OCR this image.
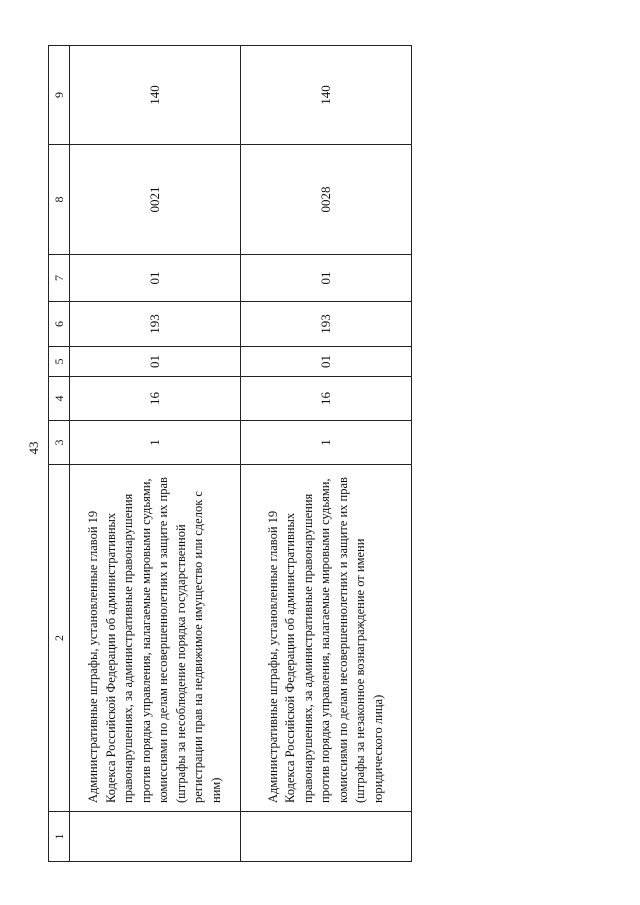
43
1	2	3	4	5	6	7	8	9
	Административные штрафы, установленные главой 19 Кодекса Российской Федерации об административных правонарушениях, за административные правонарушения против порядка управления, налагаемые мировыми судьями, комиссиями по делам несовершеннолетних и защите их прав (штрафы за несоблюдение порядка государственной регистрации прав на недвижимое имущество или сделок с ним)	1	16	01	193	01	0021	140
	Административные штрафы, установленные главой 19 Кодекса Российской Федерации об административных правонарушениях, за административные правонарушения против порядка управления, налагаемые мировыми судьями, комиссиями по делам несовершеннолетних и защите их прав (штрафы за незаконное вознаграждение от имени юридического лица)	1	16	01	193	01	0028	140
